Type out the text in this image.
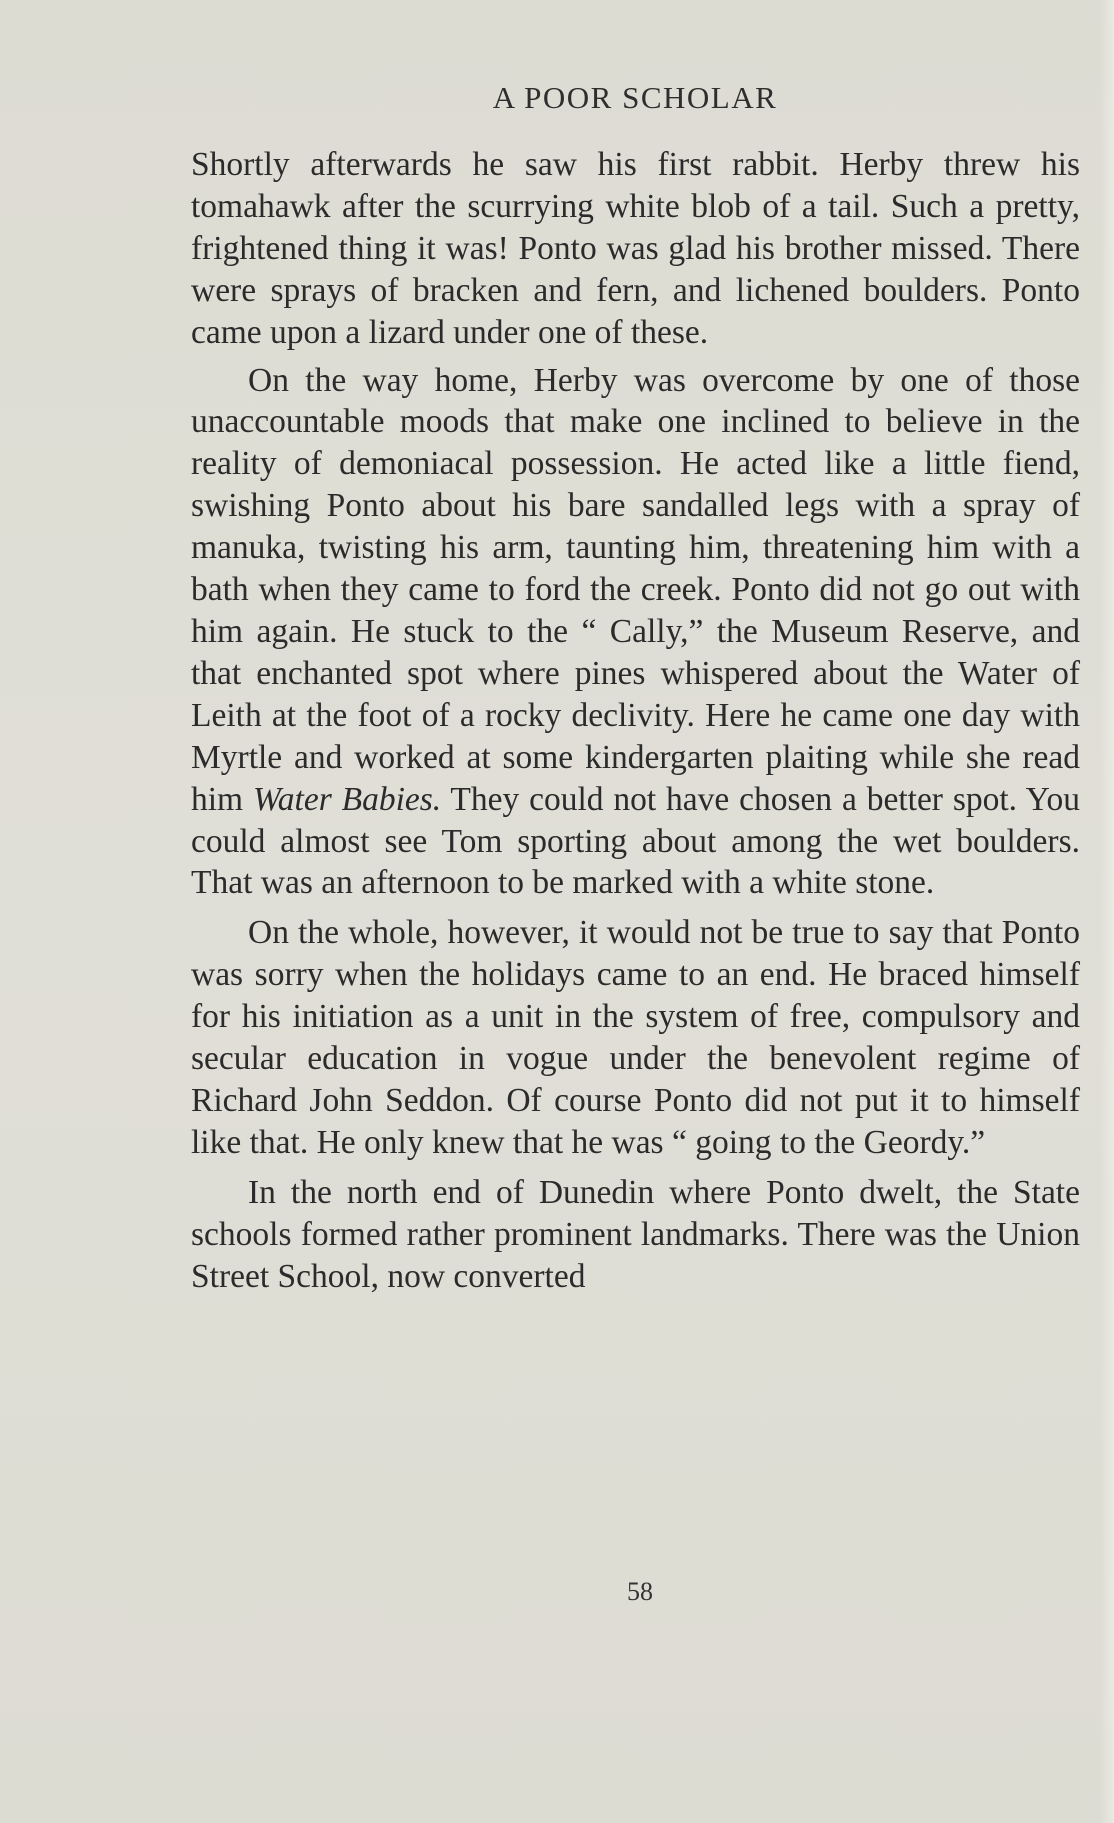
A POOR SCHOLAR

Shortly afterwards he saw his first rabbit. Herby threw his tomahawk after the scurrying white blob of a tail. Such a pretty, frightened thing it was! Ponto was glad his brother missed. There were sprays of bracken and fern, and lichened boulders. Ponto came upon a lizard under one of these.

On the way home, Herby was overcome by one of those unaccountable moods that make one inclined to believe in the reality of demoniacal possession. He acted like a little fiend, swishing Ponto about his bare sandalled legs with a spray of manuka, twisting his arm, taunting him, threatening him with a bath when they came to ford the creek. Ponto did not go out with him again. He stuck to the “ Cally,” the Museum Reserve, and that enchanted spot where pines whispered about the Water of Leith at the foot of a rocky declivity. Here he came one day with Myrtle and worked at some kindergarten plaiting while she read him Water Babies. They could not have chosen a better spot. You could almost see Tom sporting about among the wet boulders. That was an afternoon to be marked with a white stone.

On the whole, however, it would not be true to say that Ponto was sorry when the holidays came to an end. He braced himself for his initiation as a unit in the system of free, compulsory and secular education in vogue under the benevolent regime of Richard John Seddon. Of course Ponto did not put it to himself like that. He only knew that he was “ going to the Geordy.”

In the north end of Dunedin where Ponto dwelt, the State schools formed rather prominent landmarks. There was the Union Street School, now converted

58
